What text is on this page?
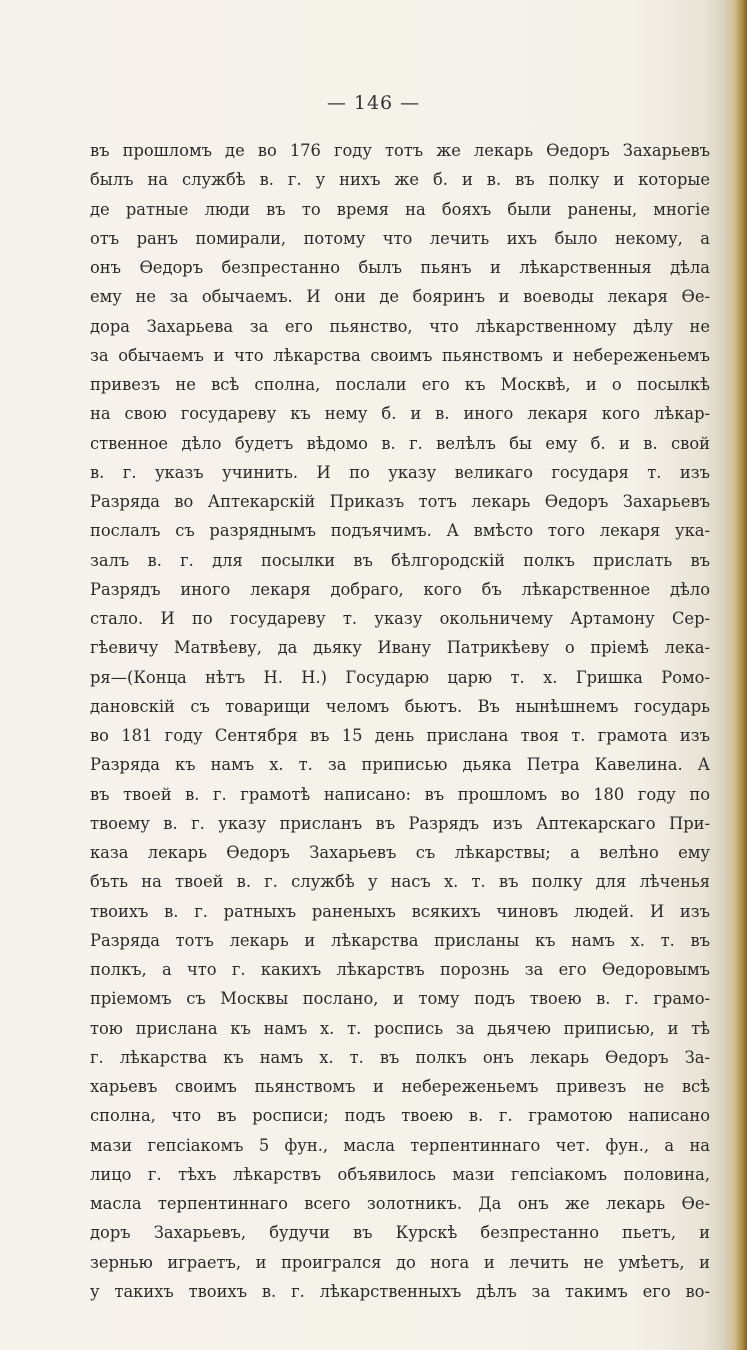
— 146 —
въ прошломъ де во 176 году тотъ же лекарь Ѳедоръ Захарьевъ
былъ на службѣ в. г. у нихъ же б. и в. въ полку и которые
де ратные люди въ то время на бояхъ были ранены, многіе
отъ ранъ помирали, потому что лечить ихъ было некому, а
онъ Ѳедоръ безпрестанно былъ пьянъ и лѣкарственныя дѣла
ему не за обычаемъ. И они де бояринъ и воеводы лекаря Ѳе-
дора Захарьева за его пьянство, что лѣкарственному дѣлу не
за обычаемъ и что лѣкарства своимъ пьянствомъ и небереженьемъ
привезъ не всѣ сполна, послали его къ Москвѣ, и о посылкѣ
на свою государеву къ нему б. и в. иного лекаря кого лѣкар-
ственное дѣло будетъ вѣдомо в. г. велѣлъ бы ему б. и в. свой
в. г. указъ учинить. И по указу великаго государя т. изъ
Разряда во Аптекарскій Приказъ тотъ лекарь Ѳедоръ Захарьевъ
послалъ съ разряднымъ подъячимъ. А вмѣсто того лекаря ука-
залъ в. г. для посылки въ бѣлгородскій полкъ прислать въ
Разрядъ иного лекаря добраго, кого бъ лѣкарственное дѣло
стало. И по государеву т. указу окольничему Артамону Сер-
гѣевичу Матвѣеву, да дьяку Ивану Патрикѣеву о пріемѣ лека-
ря—(Конца нѣтъ Н. Н.) Государю царю т. х. Гришка Ромо-
дановскій съ товарищи челомъ бьютъ. Въ нынѣшнемъ государь
во 181 году Сентября въ 15 день прислана твоя т. грамота изъ
Разряда къ намъ х. т. за приписью дьяка Петра Кавелина. А
въ твоей в. г. грамотѣ написано: въ прошломъ во 180 году по
твоему в. г. указу присланъ въ Разрядъ изъ Аптекарскаго При-
каза лекарь Ѳедоръ Захарьевъ съ лѣкарствы; а велѣно ему
бъть на твоей в. г. службѣ у насъ х. т. въ полку для лѣченья
твоихъ в. г. ратныхъ раненыхъ всякихъ чиновъ людей. И изъ
Разряда тотъ лекарь и лѣкарства присланы къ намъ х. т. въ
полкъ, а что г. какихъ лѣкарствъ порознь за его Ѳедоровымъ
пріемомъ съ Москвы послано, и тому подъ твоею в. г. грамо-
тою прислана къ намъ х. т. роспись за дьячею приписью, и тѣ
г. лѣкарства къ намъ х. т. въ полкъ онъ лекарь Ѳедоръ За-
харьевъ своимъ пьянствомъ и небереженьемъ привезъ не всѣ
сполна, что въ росписи; подъ твоею в. г. грамотою написано
мази гепсіакомъ 5 фун., масла терпентиннаго чет. фун., а на
лицо г. тѣхъ лѣкарствъ объявилось мази гепсіакомъ половина,
масла терпентиннаго всего золотникъ. Да онъ же лекарь Ѳе-
доръ Захарьевъ, будучи въ Курскѣ безпрестанно пьетъ, и
зернью играетъ, и проигрался до нога и лечить не умѣетъ, и
у такихъ твоихъ в. г. лѣкарственныхъ дѣлъ за такимъ его во-
